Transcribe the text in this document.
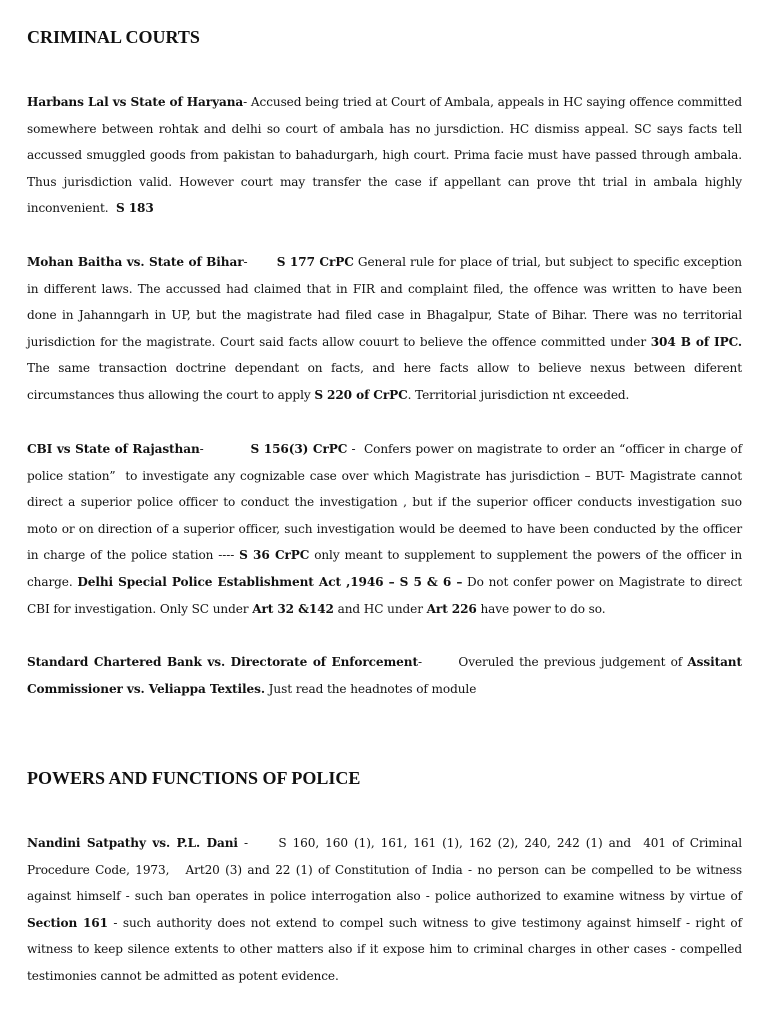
CRIMINAL COURTS

Harbans Lal vs State of Haryana- Accused being tried at Court of Ambala, appeals in HC saying offence committed somewhere between rohtak and delhi so court of ambala has no jursdiction. HC dismiss appeal. SC says facts tell accussed smuggled goods from pakistan to bahadurgarh, high court. Prima facie must have passed through ambala. Thus jurisdiction valid. However court may transfer the case if appellant can prove tht trial in ambala highly inconvenient.  S 183

Mohan Baitha vs. State of Bihar-       S 177 CrPC General rule for place of trial, but subject to specific exception in different laws. The accussed had claimed that in FIR and complaint filed, the offence was written to have been done in Jahanngarh in UP, but the magistrate had filed case in Bhagalpur, State of Bihar. There was no territorial jurisdiction for the magistrate. Court said facts allow couurt to believe the offence committed under 304 B of IPC. The same transaction doctrine dependant on facts, and here facts allow to believe nexus between diferent circumstances thus allowing the court to apply S 220 of CrPC. Territorial jurisdiction nt exceeded.

CBI vs State of Rajasthan-           S 156(3) CrPC -  Confers power on magistrate to order an “officer in charge of police station”  to investigate any cognizable case over which Magistrate has jurisdiction – BUT- Magistrate cannot direct a superior police officer to conduct the investigation , but if the superior officer conducts investigation suo moto or on direction of a superior officer, such investigation would be deemed to have been conducted by the officer in charge of the police station ---- S 36 CrPC only meant to supplement to supplement the powers of the officer in charge. Delhi Special Police Establishment Act ,1946 – S 5 & 6 – Do not confer power on Magistrate to direct CBI for investigation. Only SC under Art 32 &142 and HC under Art 226 have power to do so.

Standard Chartered Bank vs. Directorate of Enforcement-       Overuled the previous judgement of Assitant Commissioner vs. Veliappa Textiles. Just read the headnotes of module

POWERS AND FUNCTIONS OF POLICE

Nandini Satpathy vs. P.L. Dani -     S 160, 160 (1), 161, 161 (1), 162 (2), 240, 242 (1) and  401 of Criminal Procedure Code, 1973,   Art20 (3) and 22 (1) of Constitution of India - no person can be compelled to be witness against himself - such ban operates in police interrogation also - police authorized to examine witness by virtue of Section 161 - such authority does not extend to compel such witness to give testimony against himself - right of witness to keep silence extents to other matters also if it expose him to criminal charges in other cases - compelled testimonies cannot be admitted as potent evidence.
